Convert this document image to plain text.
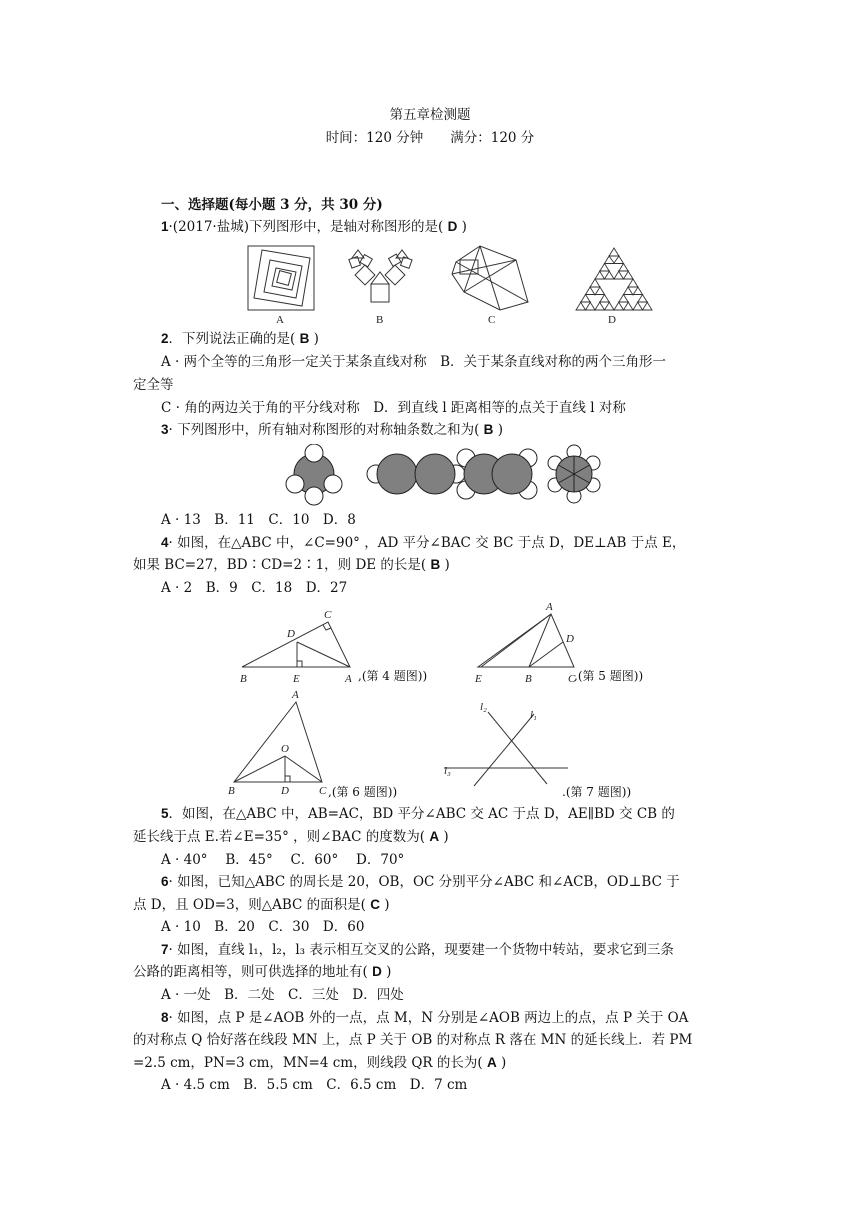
第五章检测题
时间：120 分钟　　满分：120 分
一、选择题(每小题 3 分，共 30 分)
1·(2017·盐城)下列图形中，是轴对称图形的是( D )
A	B	C	D
2．下列说法正确的是( B )
A · 两个全等的三角形一定关于某条直线对称　B．关于某条直线对称的两个三角形一
定全等
C · 角的两边关于角的平分线对称　D．到直线 l 距离相等的点关于直线 l 对称
3· 下列图形中，所有轴对称图形的对称轴条数之和为( B )
A · 13　B．11　C．10　D．8
4· 如图，在△ABC 中，∠C=90° ，AD 平分∠BAC 交 BC 于点 D，DE⊥AB 于点 E，
如果 BC=27，BD∶CD=2∶1，则 DE 的长是( B )
A · 2　B．9　C．18　D．27
C
D
B	E	A
A
D
E	B	C
,(第 4 题图))	,(第 5 题图))
A
O
B	D	C
l₂
l₁
l₃
,(第 6 题图))	.(第 7 题图))
5．如图，在△ABC 中，AB=AC，BD 平分∠ABC 交 AC 于点 D，AE∥BD 交 CB 的
延长线于点 E.若∠E=35° ，则∠BAC 的度数为( A )
A · 40°　 B．45°　 C．60°　 D．70°
6· 如图，已知△ABC 的周长是 20，OB，OC 分别平分∠ABC 和∠ACB，OD⊥BC 于
点 D，且 OD=3，则△ABC 的面积是( C )
A · 10　B．20　C．30　D．60
7· 如图，直线 l₁，l₂，l₃ 表示相互交叉的公路，现要建一个货物中转站，要求它到三条
公路的距离相等，则可供选择的地址有( D )
A · 一处　B．二处　C．三处　D．四处
8· 如图，点 P 是∠AOB 外的一点，点 M，N 分别是∠AOB 两边上的点，点 P 关于 OA
的对称点 Q 恰好落在线段 MN 上，点 P 关于 OB 的对称点 R 落在 MN 的延长线上．若 PM
=2.5 cm，PN=3 cm，MN=4 cm，则线段 QR 的长为( A )
A · 4.5 cm　B．5.5 cm　C．6.5 cm　D．7 cm
